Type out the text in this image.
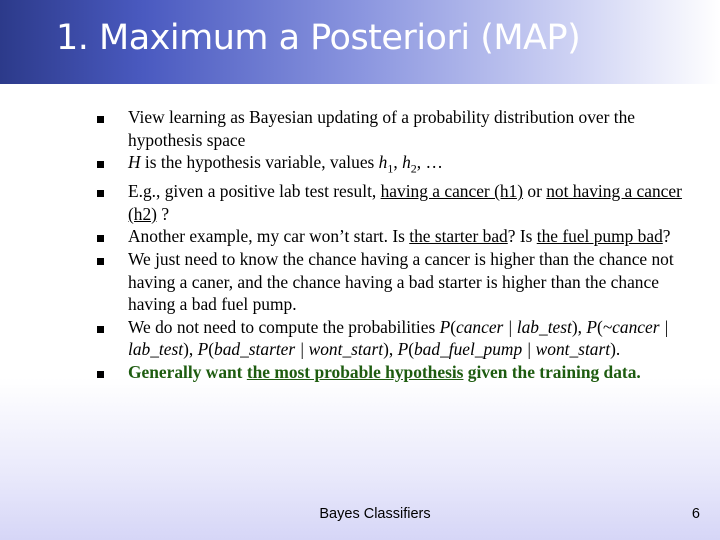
1. Maximum a Posteriori (MAP)
View learning as Bayesian updating of a probability distribution over the hypothesis space
H is the hypothesis variable, values $h_1$, $h_2$, …
E.g., given a positive lab test result, having a cancer (h1) or not having a cancer (h2) ?
Another example, my car won’t start. Is the starter bad? Is the fuel pump bad?
We just need to know the chance having a cancer is higher than the chance not having a caner, and the chance having a bad starter is higher than the chance having a bad fuel pump.
We do not need to compute the probabilities P(cancer | lab_test), P(~cancer | lab_test), P(bad_starter | wont_start), P(bad_fuel_pump | wont_start).
Generally want the most probable hypothesis given the training data.
Bayes Classifiers	6
